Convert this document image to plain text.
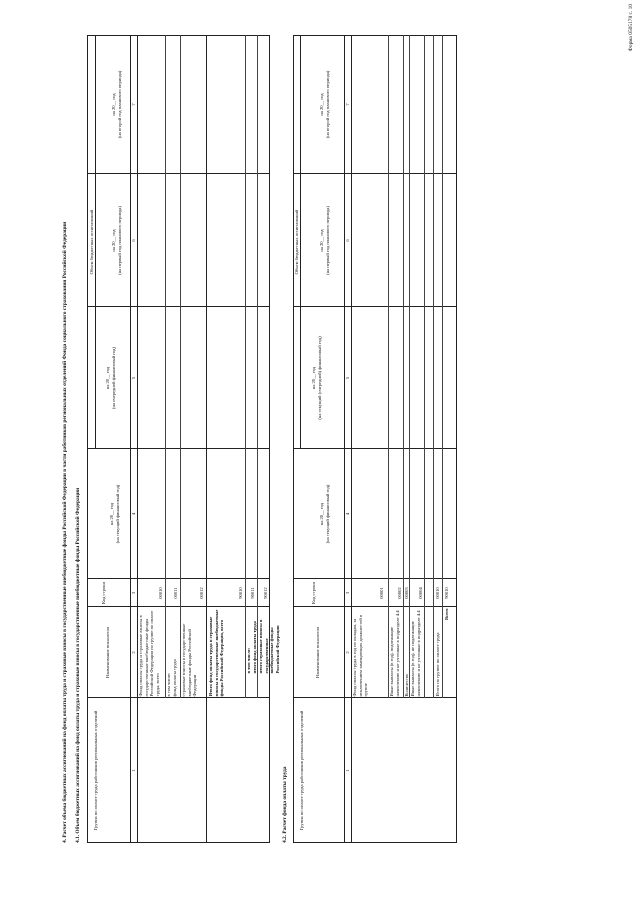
Форма 0505178 с. 10
4. Расчет объема бюджетных ассигнований на фонд оплаты труда и страховые взносы в государственные внебюджетные фонды Российской Федерации в части работников региональных отделений Фонда социального страхования Российской Федерации 4.1. Объем бюджетных ассигнований на фонд оплаты труда и страховые взносы в государственные внебюджетные фонды Российской Федерации	Группа по оплате труда работников региональных отделений
Наименование показателя
Код строки
на 20__ год
(на текущий финансовый год)
Объем бюджетных ассигнований
на 20__ год
(на очередной финансовый год)
на 20__ год
(на первый год планового периода)
на 20__ год
(на второй год планового периода)
1
2
3
4
5
6
7
Фонд оплаты труда и страховые взносы в государственные внебюджетные фонды Российской Федерации по группе по оплате труда, всего
00010
в том числе:
фонд оплаты труда
00011
страховые взносы в государственные внебюджетные фонды Российской Федерации
00012
Итого фонд оплаты труда и страховые взносы в государственные внебюджетные фонды Российской Федерации, всего
90010
в том числе:
итого фонд оплаты труда
90011
итого страховые взносы в государственные внебюджетные фонды Российской Федерации
90012
4.2. Расчет фонда оплаты труда Группа по оплате труда работников региональных отделений
Наименование показателя
Код строки
на 20__ год
(на текущий финансовый год)
Объем бюджетных ассигнований
на 20__ год
(на текущий (очередной) финансовый год)
на 20__ год
(на первый год планового периода)
на 20__ год
(на второй год планового периода)
1
2
3
4
5
6
7
Фонд оплаты труда в год по окладам, за исключением замещающих должностей в группе
00001
Иные выплаты (в год), подлежащие начислению и не учтенные в подразделе 4.4
00002
Количество
00003
Иные выплаты (в год), не подлежащие начислению и не учтенные в подразделе 4.4
00004
Итого по группе по оплате труда
00010
Всего
90010
